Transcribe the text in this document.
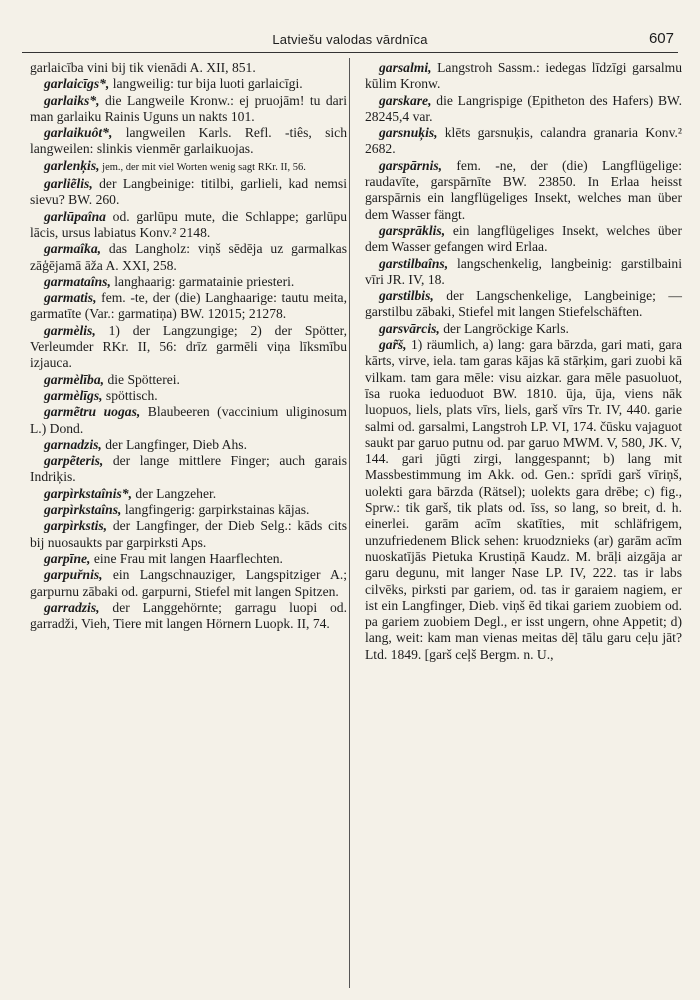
Latviešu valodas vārdnīca	607

garlaicība vini bij tik vienādi A. XII, 851.

garlaicīgs*, langweilig: tur bija luoti garlaicīgi.

garlaiks*, die Langweile Kronw.: ej pruojām! tu dari man garlaiku Rainis Uguns un nakts 101.

garlaikuôt*, langweilen Karls. Refl. -tiês, sich langweilen: slinkis vienmēr garlaikuojas.

garlenķis, jem., der mit viel Worten wenig sagt RKr. II, 56.

garliẽlis, der Langbeinige: titilbi, garlieli, kad nemsi sievu? BW. 260.

garlūpaîna od. garlūpu mute, die Schlappe; garlūpu lācis, ursus labiatus Konv.² 2148.

garmaîka, das Langholz: viņš sēdēja uz garmalkas zāģējamā āža A. XXI, 258.

garmataîns, langhaarig: garmatainie priesteri.

garmatis, fem. -te, der (die) Langhaarige: tautu meita, garmatīte (Var.: garmatiņa) BW. 12015; 21278.

garmèlis, 1) der Langzungige; 2) der Spötter, Verleumder RKr. II, 56: drīz garmēli viņa līksmību izjauca.

garmèlība, die Spötterei.

garmèlīgs, spöttisch.

garmẽtru uogas, Blaubeeren (vaccinium uliginosum L.) Dond.

garnadzis, der Langfinger, Dieb Ahs.

garpẽteris, der lange mittlere Finger; auch garais Indriķis.

garpìrkstaînis*, der Langzeher.

garpìrkstaîns, langfingerig: garpirkstainas kājas.

garpìrkstis, der Langfinger, der Dieb Selg.: kāds cits bij nuosaukts par garpirksti Aps.

garpīne, eine Frau mit langen Haarflechten.

garpuřnis, ein Langschnauziger, Langspitziger A.; garpurnu zābaki od. garpurni, Stiefel mit langen Spitzen.

garradzis, der Langgehörnte; garragu luopi od. garradži, Vieh, Tiere mit langen Hörnern Luopk. II, 74.

garsalmi, Langstroh Sassm.: iedegas līdzīgi garsalmu kūlim Kronw.

garskare, die Langrispige (Epitheton des Hafers) BW. 28245,4 var.

garsnuķis, klēts garsnuķis, calandra granaria Konv.² 2682.

garspārnis, fem. -ne, der (die) Langflügelige: raudavīte, garspārnīte BW. 23850. In Erlaa heisst garspārnis ein langflügeliges Insekt, welches man über dem Wasser fängt.

garsprāklis, ein langflügeliges Insekt, welches über dem Wasser gefangen wird Erlaa.

garstilbaîns, langschenkelig, langbeinig: garstilbaini vīri JR. IV, 18.

garstilbis, der Langschenkelige, Langbeinige; — garstilbu zābaki, Stiefel mit langen Stiefelschäften.

garsvārcis, der Langröckige Karls.

gar̃š, 1) räumlich, a) lang: gara bārzda, gari mati, gara kārts, virve, iela. tam garas kājas kā stārķim, gari zuobi kā vilkam. tam gara mēle: visu aizkar. gara mēle pasuoluot, īsa ruoka ieduoduot BW. 1810. ūja, ūja, viens nāk luopuos, liels, plats vīrs, liels, garš vīrs Tr. IV, 440. garie salmi od. garsalmi, Langstroh LP. VI, 174. čūsku vajaguot saukt par garuo putnu od. par garuo MWM. V, 580, JK. V, 144. gari jūgti zirgi, langgespannt; b) lang mit Massbestimmung im Akk. od. Gen.: sprīdi garš vīriņš, uolekti gara bārzda (Rätsel); uolekts gara drēbe; c) fig., Sprw.: tik garš, tik plats od. īss, so lang, so breit, d. h. einerlei. garām acīm skatīties, mit schläfrigem, unzufriedenem Blick sehen: kruodznieks (ar) garām acīm nuoskatījās Pietuka Krustiņā Kaudz. M. brāļi aizgāja ar garu degunu, mit langer Nase LP. IV, 222. tas ir labs cilvēks, pirksti par gariem, od. tas ir garaiem nagiem, er ist ein Langfinger, Dieb. viņš ēd tikai gariem zuobiem od. pa gariem zuobiem Degl., er isst ungern, ohne Appetit; d) lang, weit: kam man vienas meitas dēļ tālu garu ceļu jāt? Ltd. 1849. [garš ceļš Bergm. n. U.,
